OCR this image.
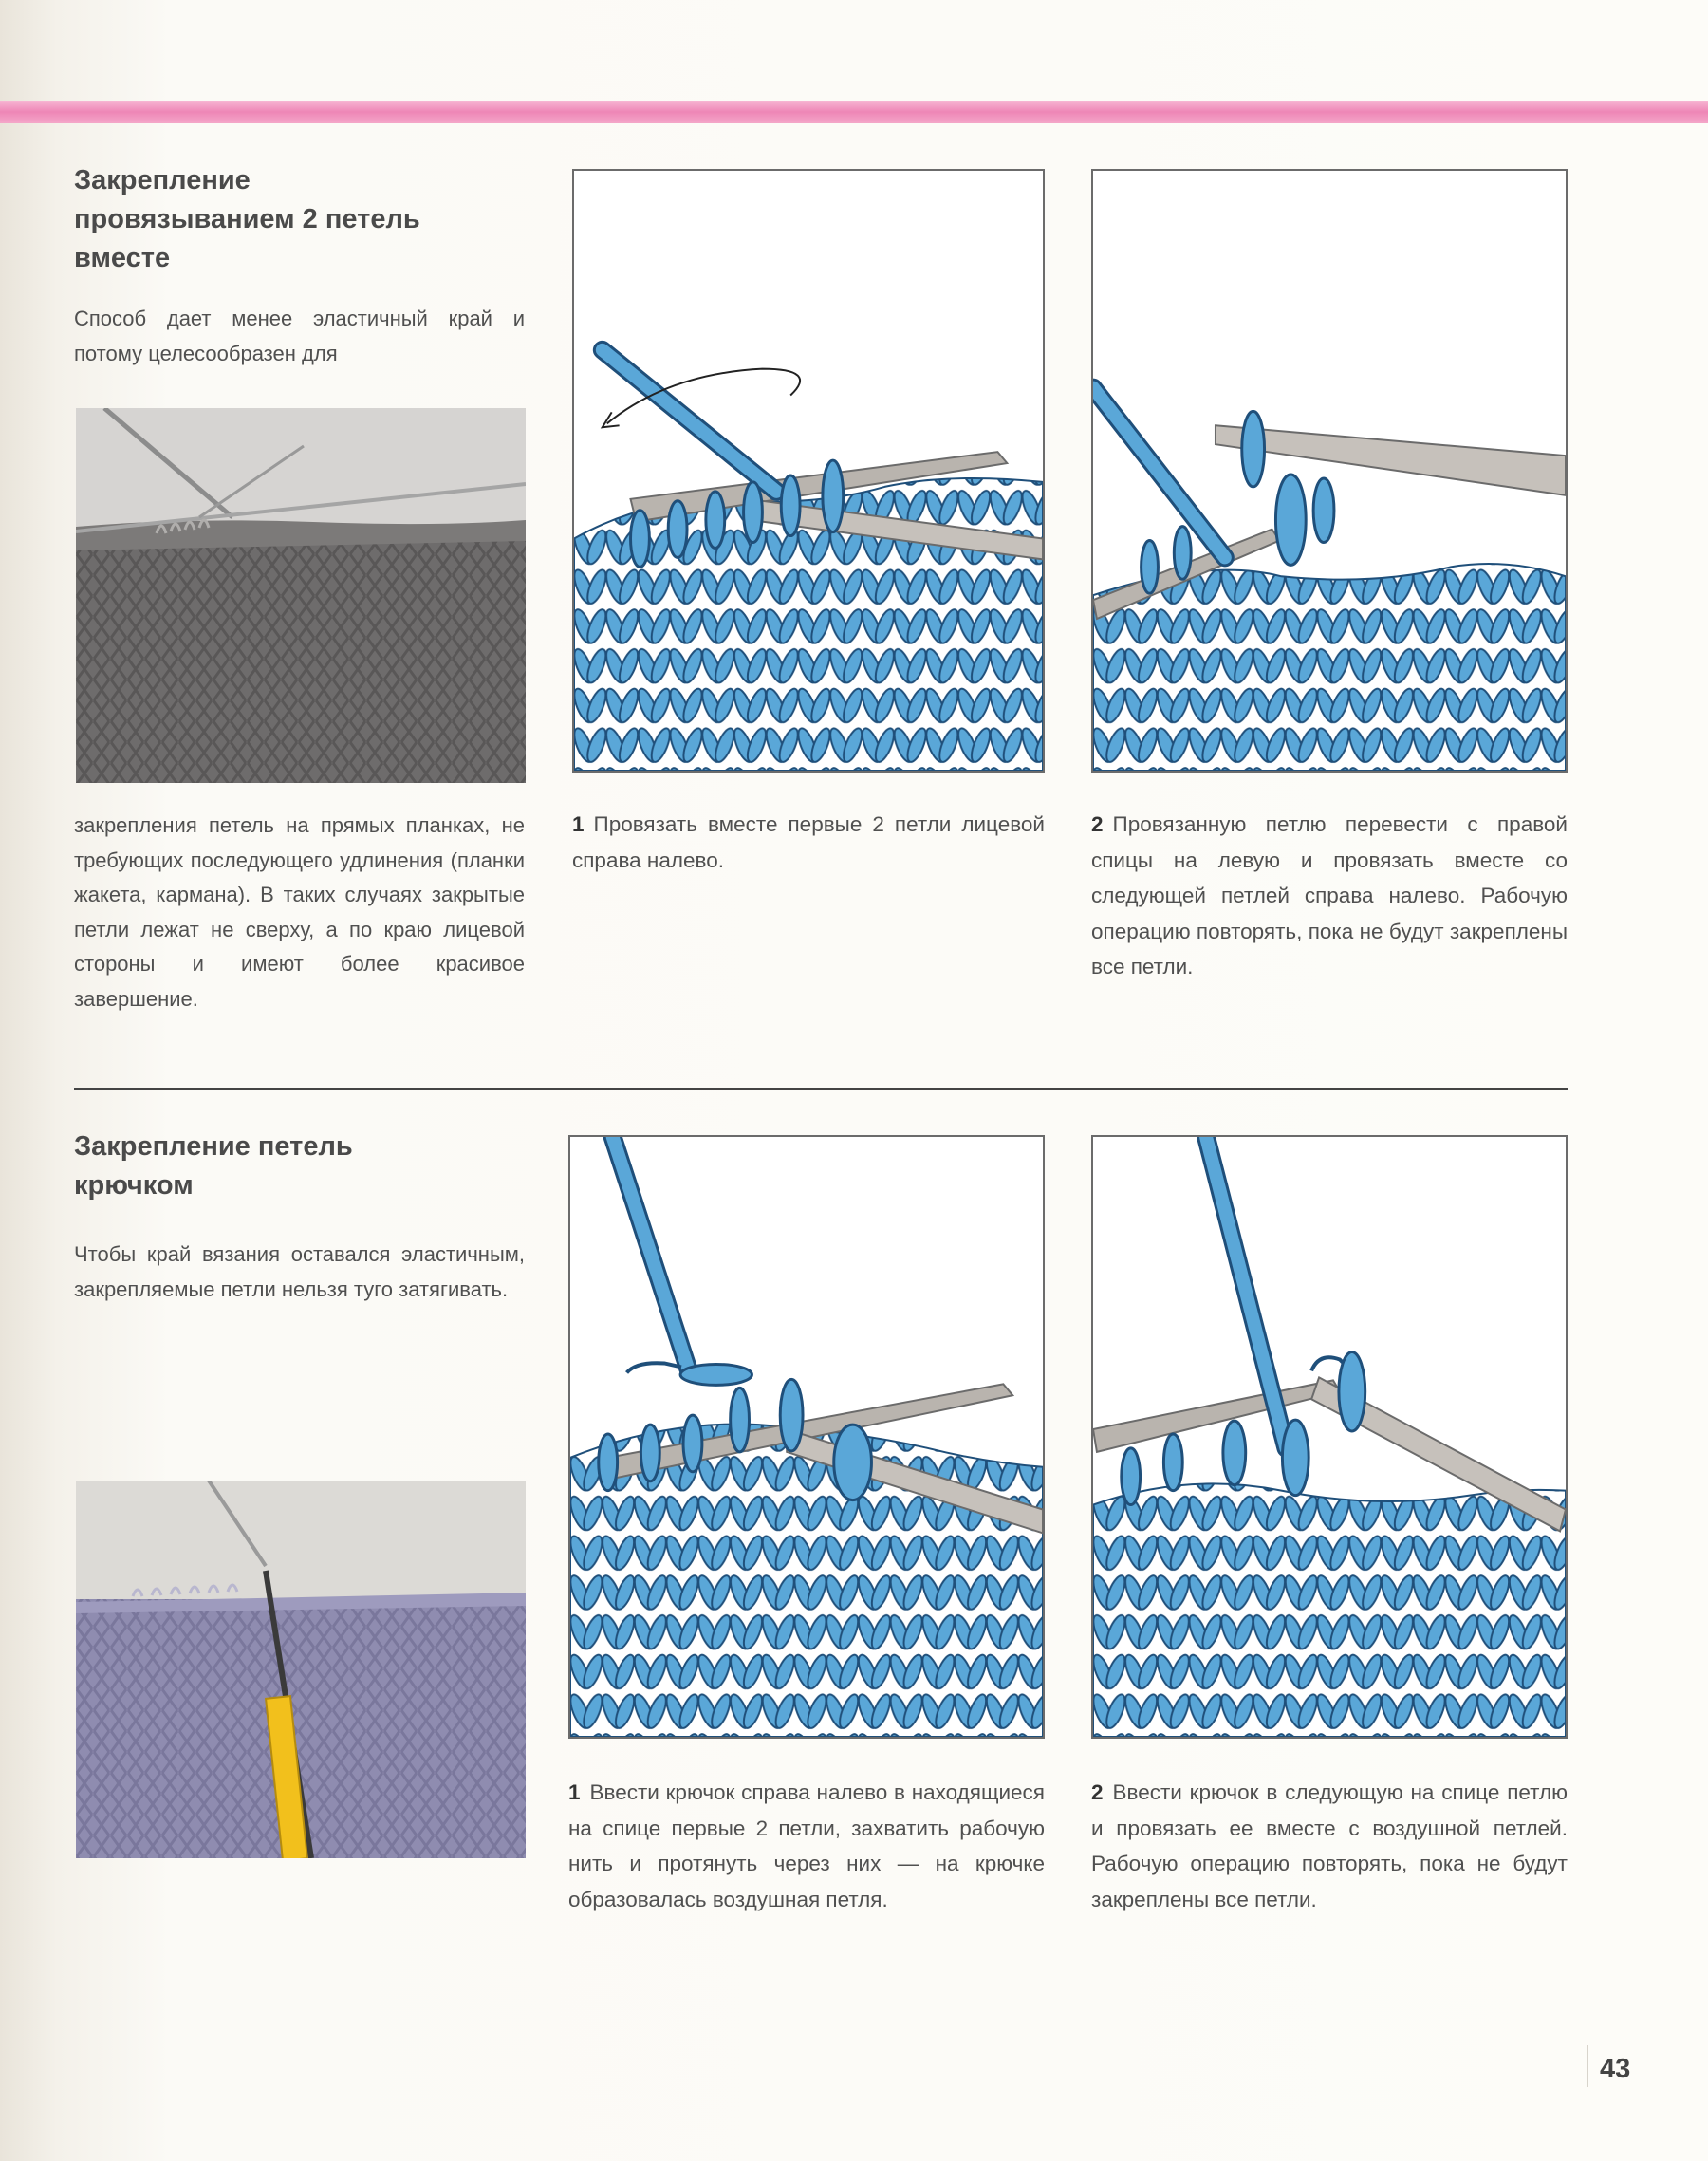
Закрепление
провязыванием 2 петель
вместе
Способ дает менее эластичный край и потому целесообразен для
закрепления петель на прямых планках, не требующих последующего удлинения (планки жакета, кармана). В таких случаях закрытые петли лежат не сверху, а по краю лицевой стороны и имеют более красивое завершение.
1 Провязать вместе первые 2 петли лицевой справа налево.
2 Провязанную петлю перевести с правой спицы на левую и провязать вместе со следующей петлей справа налево. Рабочую операцию повторять, пока не будут закреплены все петли.
Закрепление петель
крючком
Чтобы край вязания оставался эластичным, закрепляемые петли нельзя туго затягивать.
1 Ввести крючок справа налево в находящиеся на спице первые 2 петли, захватить рабочую нить и протянуть через них — на крючке образовалась воздушная петля.
2 Ввести крючок в следующую на спице петлю и провязать ее вместе с воздушной петлей. Рабочую операцию повторять, пока не будут закреплены все петли.
43
